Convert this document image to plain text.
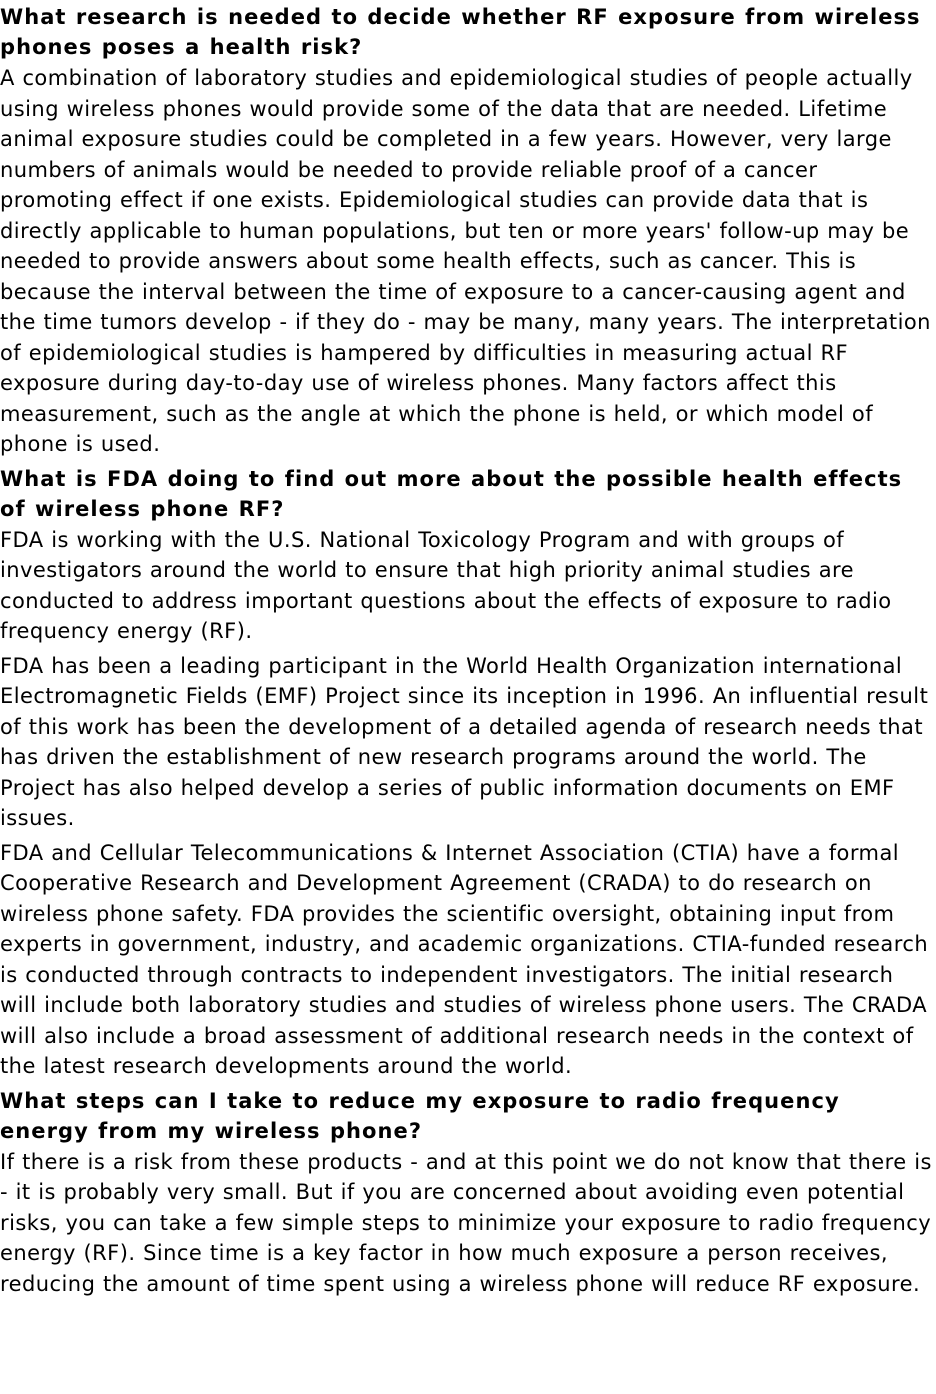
What research is needed to decide whether RF exposure from wireless phones poses a health risk?

A combination of laboratory studies and epidemiological studies of people actually using wireless phones would provide some of the data that are needed. Lifetime animal exposure studies could be completed in a few years. However, very large numbers of animals would be needed to provide reliable proof of a cancer promoting effect if one exists. Epidemiological studies can provide data that is directly applicable to human populations, but ten or more years' follow-up may be needed to provide answers about some health effects, such as cancer. This is because the interval between the time of exposure to a cancer-causing agent and the time tumors develop - if they do - may be many, many years. The interpretation of epidemiological studies is hampered by difficulties in measuring actual RF exposure during day-to-day use of wireless phones. Many factors affect this measurement, such as the angle at which the phone is held, or which model of phone is used.

What is FDA doing to find out more about the possible health effects of wireless phone RF?

FDA is working with the U.S. National Toxicology Program and with groups of investigators around the world to ensure that high priority animal studies are conducted to address important questions about the effects of exposure to radio frequency energy (RF).

FDA has been a leading participant in the World Health Organization international Electromagnetic Fields (EMF) Project since its inception in 1996. An influential result of this work has been the development of a detailed agenda of research needs that has driven the establishment of new research programs around the world. The Project has also helped develop a series of public information documents on EMF issues.

FDA and Cellular Telecommunications & Internet Association (CTIA) have a formal Cooperative Research and Development Agreement (CRADA) to do research on wireless phone safety. FDA provides the scientific oversight, obtaining input from experts in government, industry, and academic organizations. CTIA-funded research is conducted through contracts to independent investigators. The initial research will include both laboratory studies and studies of wireless phone users. The CRADA will also include a broad assessment of additional research needs in the context of the latest research developments around the world.

What steps can I take to reduce my exposure to radio frequency energy from my wireless phone?

If there is a risk from these products - and at this point we do not know that there is - it is probably very small. But if you are concerned about avoiding even potential risks, you can take a few simple steps to minimize your exposure to radio frequency energy (RF). Since time is a key factor in how much exposure a person receives, reducing the amount of time spent using a wireless phone will reduce RF exposure.
